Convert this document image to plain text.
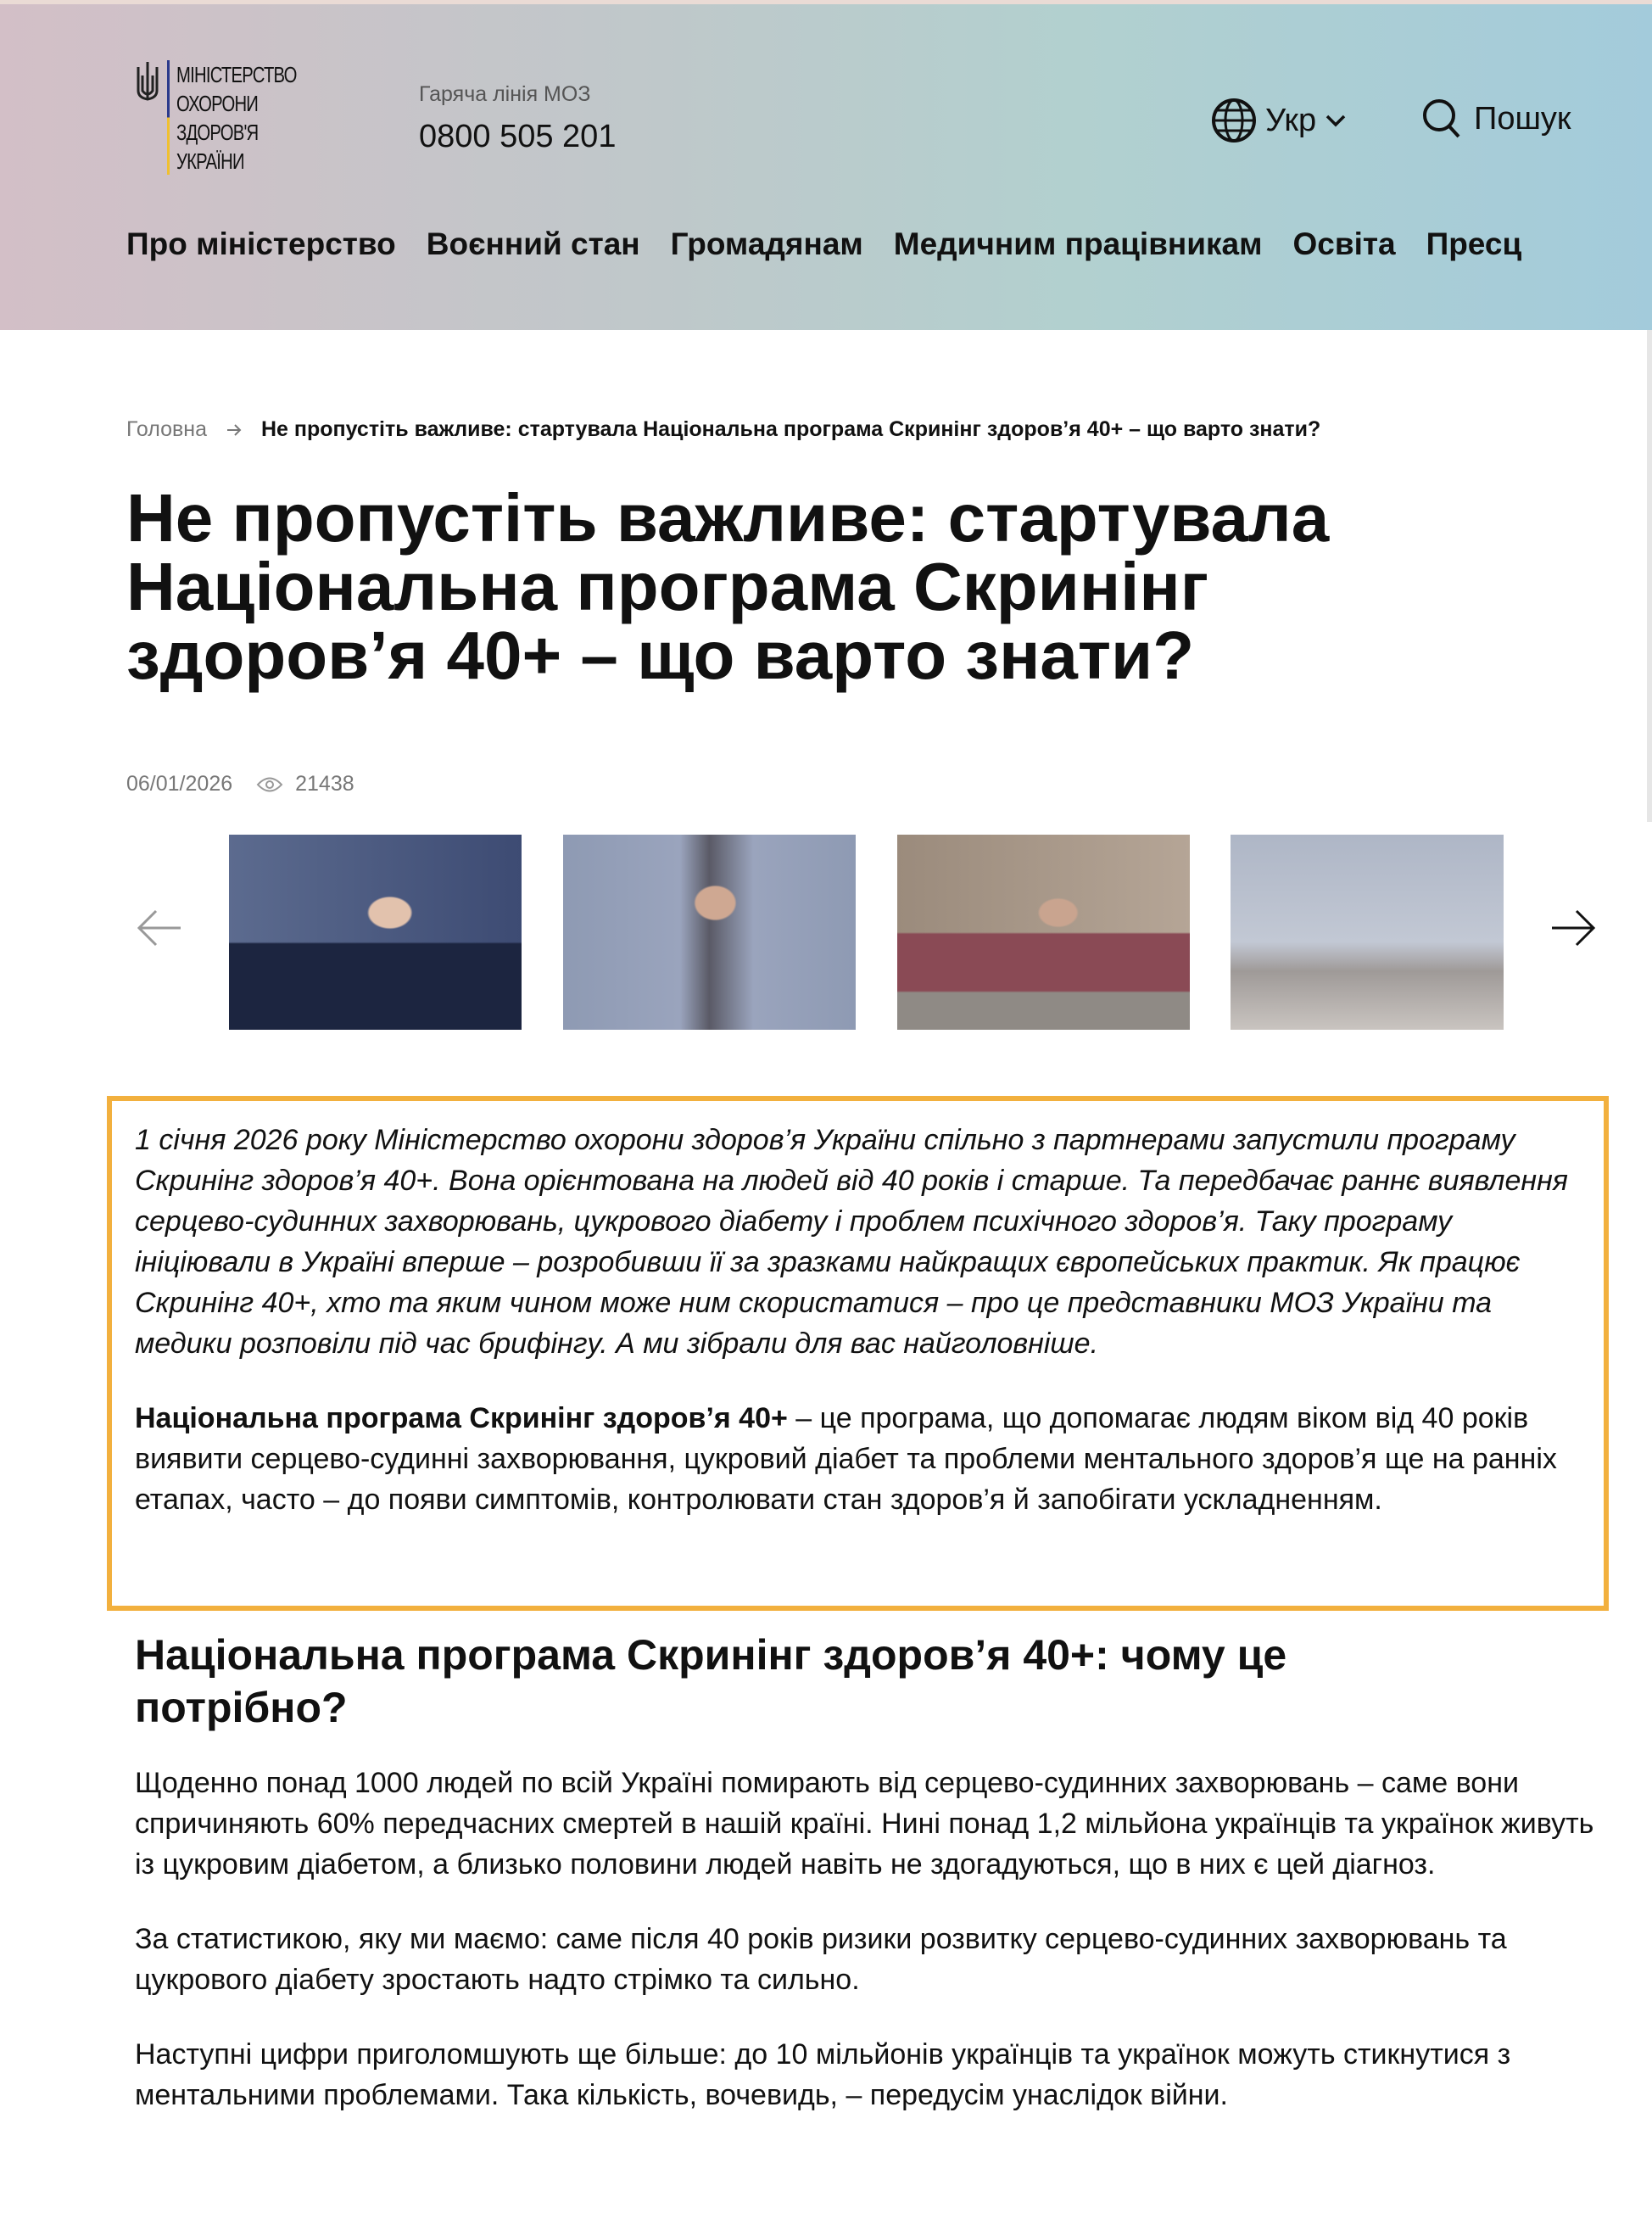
МІНІСТЕРСТВО
ОХОРОНИ
ЗДОРОВ'Я
УКРАЇНИ
Гаряча лінія МОЗ
0800 505 201	Укр	Пошук
Про міністерство Воєнний стан Громадянам Медичним працівникам Освіта Пресц
Головна	Не пропустіть важливе: стартувала Національна програма Скринінг здоров’я 40+ – що варто знати?
Не пропустіть важливе: стартувала Національна програма Скринінг здоров’я 40+ – що варто знати?
06/01/2026	21438

1 січня 2026 року Міністерство охорони здоров’я України спільно з партнерами запустили програму Скринінг здоров’я 40+. Вона орієнтована на людей від 40 років і старше. Та передбачає раннє виявлення серцево-судинних захворювань, цукрового діабету і проблем психічного здоров’я. Таку програму ініціювали в Україні вперше – розробивши її за зразками найкращих європейських практик. Як працює Скринінг 40+, хто та яким чином може ним скористатися – про це представники МОЗ України та медики розповіли під час брифінгу. А ми зібрали для вас найголовніше.

Національна програма Скринінг здоров’я 40+ – це програма, що допомагає людям віком від 40 років виявити серцево-судинні захворювання, цукровий діабет та проблеми ментального здоров’я ще на ранніх етапах, часто – до появи симптомів, контролювати стан здоров’я й запобігати ускладненням.

Національна програма Скринінг здоров’я 40+: чому це потрібно?

Щоденно понад 1000 людей по всій Україні помирають від серцево-судинних захворювань – саме вони спричиняють 60% передчасних смертей в нашій країні. Нині понад 1,2 мільйона українців та українок живуть із цукровим діабетом, а близько половини людей навіть не здогадуються, що в них є цей діагноз.

За статистикою, яку ми маємо: саме після 40 років ризики розвитку серцево-судинних захворювань та цукрового діабету зростають надто стрімко та сильно.

Наступні цифри приголомшують ще більше: до 10 мільйонів українців та українок можуть стикнутися з ментальними проблемами. Така кількість, вочевидь, – передусім унаслідок війни.
